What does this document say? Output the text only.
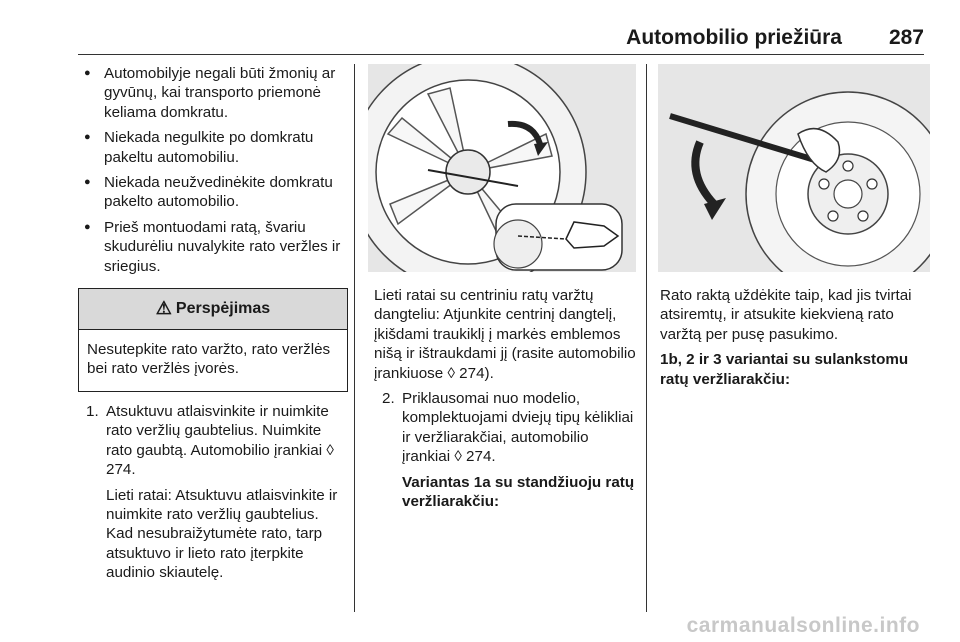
Automobilio priežiūra 287
● Automobilyje negali būti žmonių ar gyvūnų, kai transporto priemonė keliama domkratu.
● Niekada negulkite po domkratu pakeltu automobiliu.
● Niekada neužvedinėkite domkratu pakelto automobilio.
● Prieš montuodami ratą, švariu skudurėliu nuvalykite rato veržles ir sriegius.
⚠ Perspėjimas
Nesutepkite rato varžto, rato veržlės bei rato veržlės įvorės.
1. Atsuktuvu atlaisvinkite ir nuimkite rato veržlių gaubtelius. Nuimkite rato gaubtą. Automobilio įrankiai ◊ 274.
Lieti ratai: Atsuktuvu atlaisvinkite ir nuimkite rato veržlių gaubtelius. Kad nesubraižytumėte rato, tarp atsuktuvo ir lieto rato įterpkite audinio skiautelę.
Lieti ratai su centriniu ratų varžtų dangteliu: Atjunkite centrinį dangtelį, įkišdami traukiklį į markės emblemos nišą ir ištraukdami jį (rasite automobilio įrankiuose ◊ 274).
2. Priklausomai nuo modelio, komplektuojami dviejų tipų kėlikliai ir veržliarakčiai, automobilio įrankiai ◊ 274.
Variantas 1a su standžiuoju ratų veržliarakčiu:
Rato raktą uždėkite taip, kad jis tvirtai atsiremtų, ir atsukite kiekvieną rato varžtą per pusę pasukimo.
1b, 2 ir 3 variantai su sulankstomu ratų veržliarakčiu:
carmanualsonline.info
